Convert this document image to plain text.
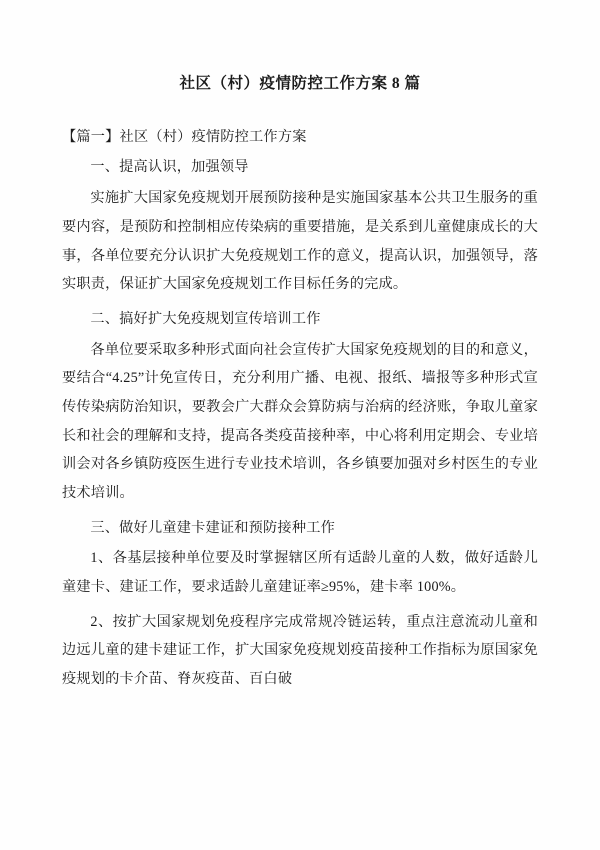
社区（村）疫情防控工作方案 8 篇

【篇一】社区（村）疫情防控工作方案

一、提高认识，加强领导

实施扩大国家免疫规划开展预防接种是实施国家基本公共卫生服务的重要内容，是预防和控制相应传染病的重要措施，是关系到儿童健康成长的大事，各单位要充分认识扩大免疫规划工作的意义，提高认识，加强领导，落实职责，保证扩大国家免疫规划工作目标任务的完成。

二、搞好扩大免疫规划宣传培训工作

各单位要采取多种形式面向社会宣传扩大国家免疫规划的目的和意义，要结合“4.25”计免宣传日，充分利用广播、电视、报纸、墙报等多种形式宣传传染病防治知识，要教会广大群众会算防病与治病的经济账，争取儿童家长和社会的理解和支持，提高各类疫苗接种率，中心将利用定期会、专业培训会对各乡镇防疫医生进行专业技术培训，各乡镇要加强对乡村医生的专业技术培训。

三、做好儿童建卡建证和预防接种工作

1、各基层接种单位要及时掌握辖区所有适龄儿童的人数，做好适龄儿童建卡、建证工作，要求适龄儿童建证率≥95%，建卡率 100%。

2、按扩大国家规划免疫程序完成常规冷链运转，重点注意流动儿童和边远儿童的建卡建证工作，扩大国家免疫规划疫苗接种工作指标为原国家免疫规划的卡介苗、脊灰疫苗、百白破
